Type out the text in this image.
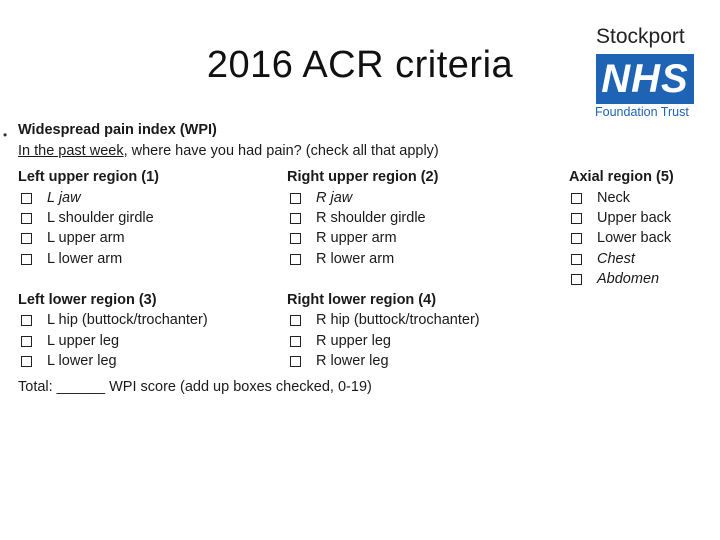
2016 ACR criteria
Stockport
NHS
Foundation Trust
• Widespread pain index (WPI)
In the past week, where have you had pain? (check all that apply)
Left upper region (1)
L jaw
L shoulder girdle
L upper arm
L lower arm
Right upper region (2)
R jaw
R shoulder girdle
R upper arm
R lower arm
Axial region (5)
Neck
Upper back
Lower back
Chest
Abdomen
Left lower region (3)
L hip (buttock/trochanter)
L upper leg
L lower leg
Right lower region (4)
R hip (buttock/trochanter)
R upper leg
R lower leg
Total: ______ WPI score (add up boxes checked, 0-19)
